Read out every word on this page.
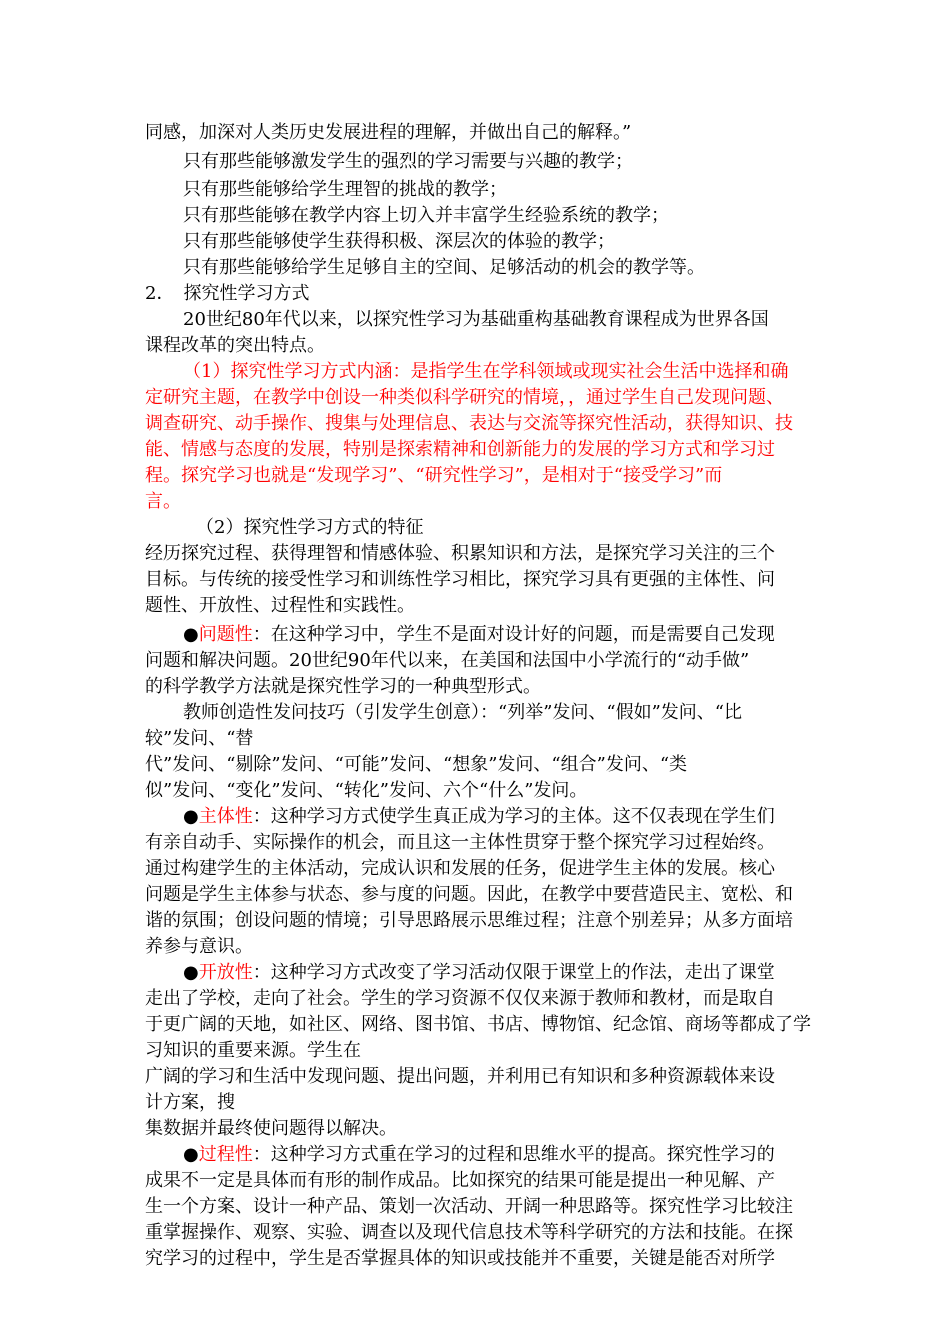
同感，加深对人类历史发展进程的理解，并做出自己的解释。”
只有那些能够激发学生的强烈的学习需要与兴趣的教学；
只有那些能够给学生理智的挑战的教学；
只有那些能够在教学内容上切入并丰富学生经验系统的教学；
只有那些能够使学生获得积极、深层次的体验的教学；
只有那些能够给学生足够自主的空间、足够活动的机会的教学等。
2．　探究性学习方式
20世纪80年代以来，以探究性学习为基础重构基础教育课程成为世界各国
课程改革的突出特点。
（1）探究性学习方式内涵：是指学生在学科领域或现实社会生活中选择和确
定研究主题，在教学中创设一种类似科学研究的情境，，通过学生自己发现问题、
调查研究、动手操作、搜集与处理信息、表达与交流等探究性活动，获得知识、技
能、情感与态度的发展，特别是探索精神和创新能力的发展的学习方式和学习过
程。探究学习也就是“发现学习”、“研究性学习”，是相对于“接受学习”而
言。
（2）探究性学习方式的特征
经历探究过程、获得理智和情感体验、积累知识和方法，是探究学习关注的三个
目标。与传统的接受性学习和训练性学习相比，探究学习具有更强的主体性、问
题性、开放性、过程性和实践性。
●问题性：在这种学习中，学生不是面对设计好的问题，而是需要自己发现
问题和解决问题。20世纪90年代以来，在美国和法国中小学流行的“动手做”
的科学教学方法就是探究性学习的一种典型形式。
教师创造性发问技巧（引发学生创意）：“列举”发问、“假如”发问、“比
较”发问、“替
代”发问、“剔除”发问、“可能”发问、“想象”发问、“组合”发问、“类
似”发问、“变化”发问、“转化”发问、六个“什么”发问。
●主体性：这种学习方式使学生真正成为学习的主体。这不仅表现在学生们
有亲自动手、实际操作的机会，而且这一主体性贯穿于整个探究学习过程始终。
通过构建学生的主体活动，完成认识和发展的任务，促进学生主体的发展。核心
问题是学生主体参与状态、参与度的问题。因此，在教学中要营造民主、宽松、和
谐的氛围；创设问题的情境；引导思路展示思维过程；注意个别差异；从多方面培
养参与意识。
●开放性：这种学习方式改变了学习活动仅限于课堂上的作法，走出了课堂
走出了学校，走向了社会。学生的学习资源不仅仅来源于教师和教材，而是取自
于更广阔的天地，如社区、网络、图书馆、书店、博物馆、纪念馆、商场等都成了学
习知识的重要来源。学生在
广阔的学习和生活中发现问题、提出问题，并利用已有知识和多种资源载体来设
计方案，搜
集数据并最终使问题得以解决。
●过程性：这种学习方式重在学习的过程和思维水平的提高。探究性学习的
成果不一定是具体而有形的制作成品。比如探究的结果可能是提出一种见解、产
生一个方案、设计一种产品、策划一次活动、开阔一种思路等。探究性学习比较注
重掌握操作、观察、实验、调查以及现代信息技术等科学研究的方法和技能。在探
究学习的过程中，学生是否掌握具体的知识或技能并不重要，关键是能否对所学
